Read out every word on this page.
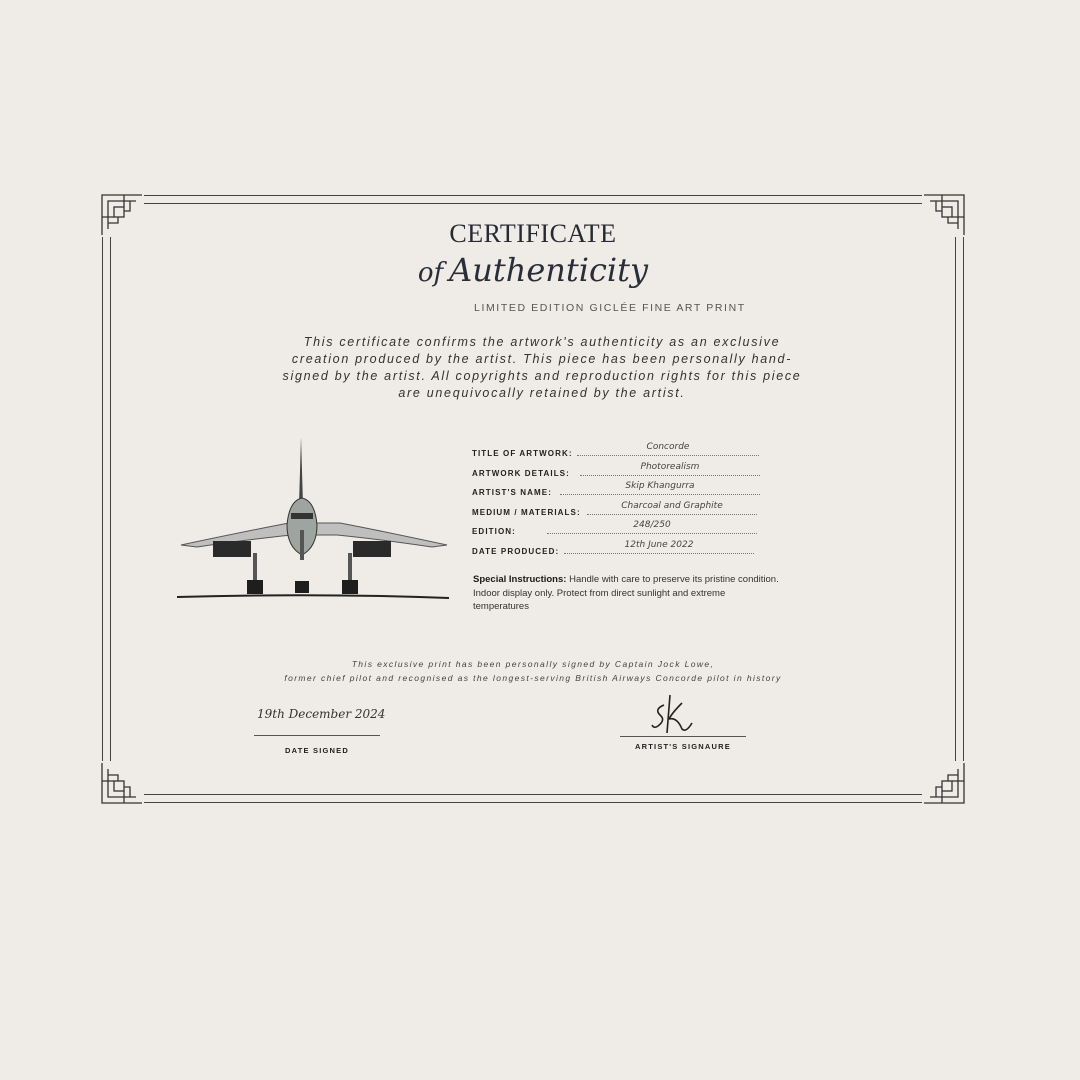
CERTIFICATE
of Authenticity
LIMITED EDITION GICLÉE FINE ART PRINT
This certificate confirms the artwork's authenticity as an exclusive creation produced by the artist. This piece has been personally hand-signed by the artist. All copyrights and reproduction rights for this piece are unequivocally retained by the artist.
TITLE OF ARTWORK:
Concorde
ARTWORK DETAILS:
Photorealism
ARTIST'S NAME:
Skip Khangurra
MEDIUM / MATERIALS:
Charcoal and Graphite
EDITION:
248/250
DATE PRODUCED:
12th June 2022
Special Instructions: Handle with care to preserve its pristine condition. Indoor display only. Protect from direct sunlight and extreme temperatures
This exclusive print has been personally signed by Captain Jock Lowe,
former chief pilot and recognised as the longest-serving British Airways Concorde pilot in history
19th December 2024
DATE SIGNED	ARTIST'S SIGNAURE
